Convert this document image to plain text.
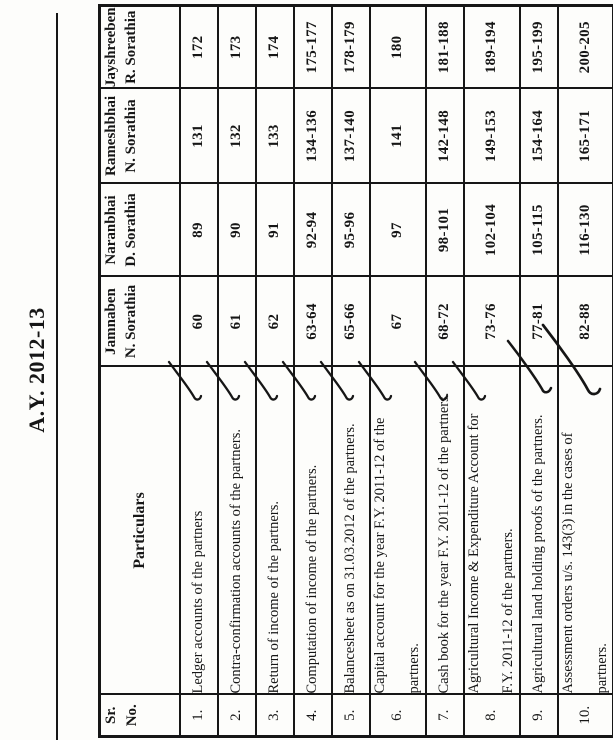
A.Y. 2012-13
Sr. No.	Particulars	Jamnaben N. Sorathia	Naranbhai D. Sorathia	Rameshbhai N. Sorathia	Jayshreeben R. Sorathia

1.	Ledger accounts of the partners	60	89	131	172
2.	Contra-confirmation accounts of the partners.	61	90	132	173
3.	Return of income of the partners.	62	91	133	174
4.	Computation of income of the partners.	63-64	92-94	134-136	175-177
5.	Balancesheet as on 31.03.2012 of the partners.	65-66	95-96	137-140	178-179
6.	Capital account for the year F.Y. 2011-12 of the partners.	67	97	141	180
7.	Cash book for the year F.Y. 2011-12 of the partners.	68-72	98-101	142-148	181-188
8.	Agricultural Income & Expenditure Account for F.Y. 2011-12 of the partners.	73-76	102-104	149-153	189-194
9.	Agricultural land holding proofs of the partners.	77-81	105-115	154-164	195-199
10.	Assessment orders u/s. 143(3) in the cases of partners.	82-88	116-130	165-171	200-205
